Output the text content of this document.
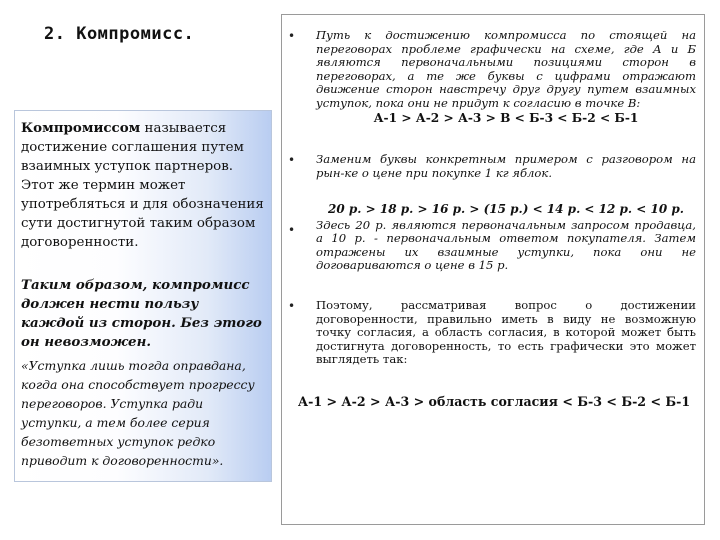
2. Компромисс.

Компромиссом называется достижение соглашения путем взаимных уступок партнеров. Этот же термин может употребляться и для обозначения сути достигнутой таким образом договоренности.

Таким образом, компромисс должен нести пользу каждой из сторон. Без этого он невозможен.

«Уступка лишь тогда оправдана, когда она способствует прогрессу переговоров. Уступка ради уступки, а тем более серия безответных уступок редко приводит к договоренности».

• Путь к достижению компромисса по стоящей на переговорах проблеме графически на схеме, где А и Б являются первоначальными позициями сторон в переговорах, а те же буквы с цифрами отражают движение сторон навстречу друг другу путем взаимных уступок, пока они не придут к согласию в точке В:
А-1 > А-2 > А-3 > В < Б-3 < Б-2 < Б-1
• Заменим буквы конкретным примером с разговором на рын-ке о цене при покупке 1 кг яблок.
•
20 р. > 18 р. > 16 р. > (15 р.) < 14 р. < 12 р. < 10 р.
Здесь 20 р. являются первоначальным запросом продавца, а 10 р. - первоначальным ответом покупателя. Затем отражены их взаимные уступки, пока они не договариваются о цене в 15 р.
• Поэтому, рассматривая вопрос о достижении договоренности, правильно иметь в виду не возможную точку согласия, а область согласия, в которой может быть достигнута договоренность, то есть графически это может выглядеть так:
А-1 > А-2 > А-3 > область согласия < Б-3 < Б-2 < Б-1
